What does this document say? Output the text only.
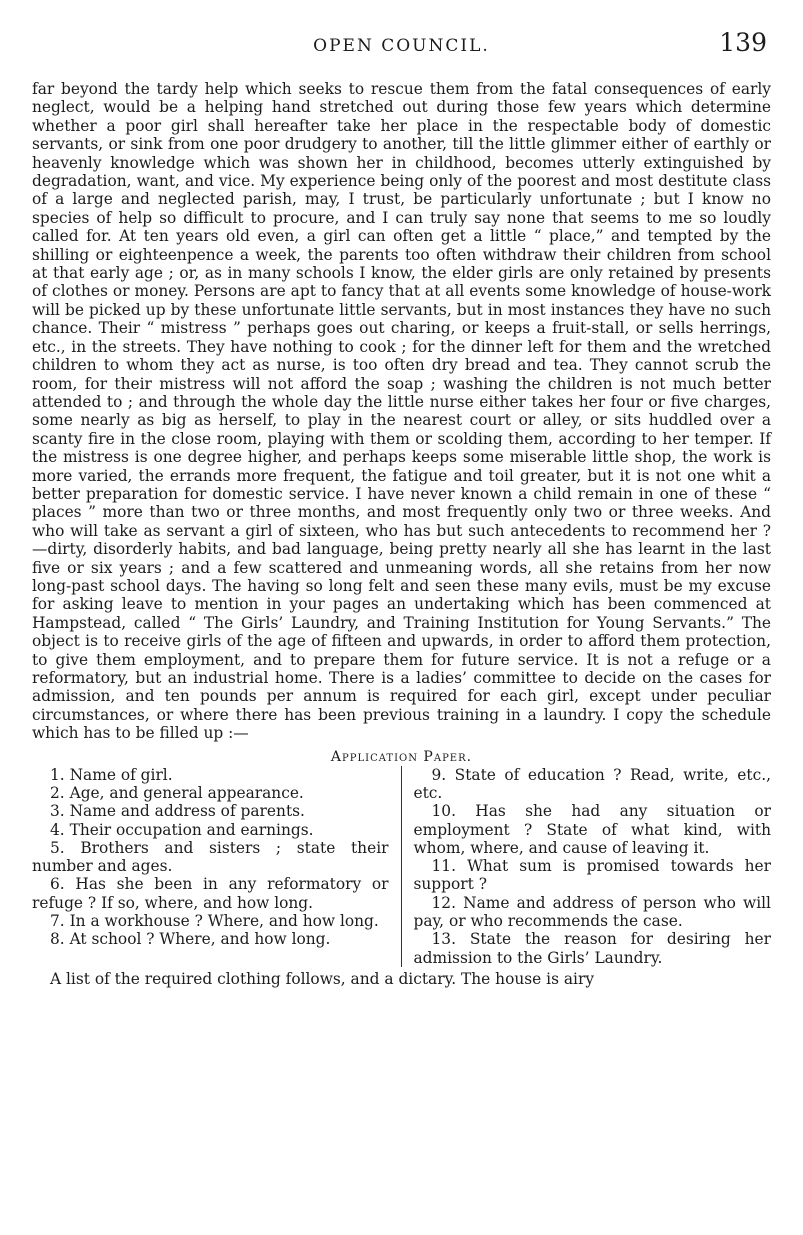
OPEN COUNCIL.	139

far beyond the tardy help which seeks to rescue them from the fatal consequences of early neglect, would be a helping hand stretched out during those few years which determine whether a poor girl shall hereafter take her place in the respectable body of domestic servants, or sink from one poor drudgery to another, till the little glimmer either of earthly or heavenly knowledge which was shown her in childhood, becomes utterly extinguished by degradation, want, and vice. My experience being only of the poorest and most destitute class of a large and neglected parish, may, I trust, be particularly unfortunate ; but I know no species of help so difficult to procure, and I can truly say none that seems to me so loudly called for. At ten years old even, a girl can often get a little “ place,” and tempted by the shilling or eighteenpence a week, the parents too often withdraw their children from school at that early age ; or, as in many schools I know, the elder girls are only retained by presents of clothes or money. Persons are apt to fancy that at all events some knowledge of house-work will be picked up by these unfortunate little servants, but in most instances they have no such chance. Their “ mistress ” perhaps goes out charing, or keeps a fruit-stall, or sells herrings, etc., in the streets. They have nothing to cook ; for the dinner left for them and the wretched children to whom they act as nurse, is too often dry bread and tea. They cannot scrub the room, for their mistress will not afford the soap ; washing the children is not much better attended to ; and through the whole day the little nurse either takes her four or five charges, some nearly as big as herself, to play in the nearest court or alley, or sits huddled over a scanty fire in the close room, playing with them or scolding them, according to her temper. If the mistress is one degree higher, and perhaps keeps some miserable little shop, the work is more varied, the errands more frequent, the fatigue and toil greater, but it is not one whit a better preparation for domestic service. I have never known a child remain in one of these “ places ” more than two or three months, and most frequently only two or three weeks. And who will take as servant a girl of sixteen, who has but such antecedents to recommend her ?—dirty, disorderly habits, and bad language, being pretty nearly all she has learnt in the last five or six years ; and a few scattered and unmeaning words, all she retains from her now long-past school days. The having so long felt and seen these many evils, must be my excuse for asking leave to mention in your pages an undertaking which has been commenced at Hampstead, called “ The Girls’ Laundry, and Training Institution for Young Servants.” The object is to receive girls of the age of fifteen and upwards, in order to afford them protection, to give them employment, and to prepare them for future service. It is not a refuge or a reformatory, but an industrial home. There is a ladies’ committee to decide on the cases for admission, and ten pounds per annum is required for each girl, except under peculiar circumstances, or where there has been previous training in a laundry. I copy the schedule which has to be filled up :—

Application Paper.

1. Name of girl.

2. Age, and general appearance.

3. Name and address of parents.

4. Their occupation and earnings.

5. Brothers and sisters ; state their number and ages.

6. Has she been in any reformatory or refuge ? If so, where, and how long.

7. In a workhouse ? Where, and how long.

8. At school ? Where, and how long.

9. State of education ? Read, write, etc., etc.

10. Has she had any situation or employment ? State of what kind, with whom, where, and cause of leaving it.

11. What sum is promised towards her support ?

12. Name and address of person who will pay, or who recommends the case.

13. State the reason for desiring her admission to the Girls’ Laundry.

A list of the required clothing follows, and a dictary. The house is airy
